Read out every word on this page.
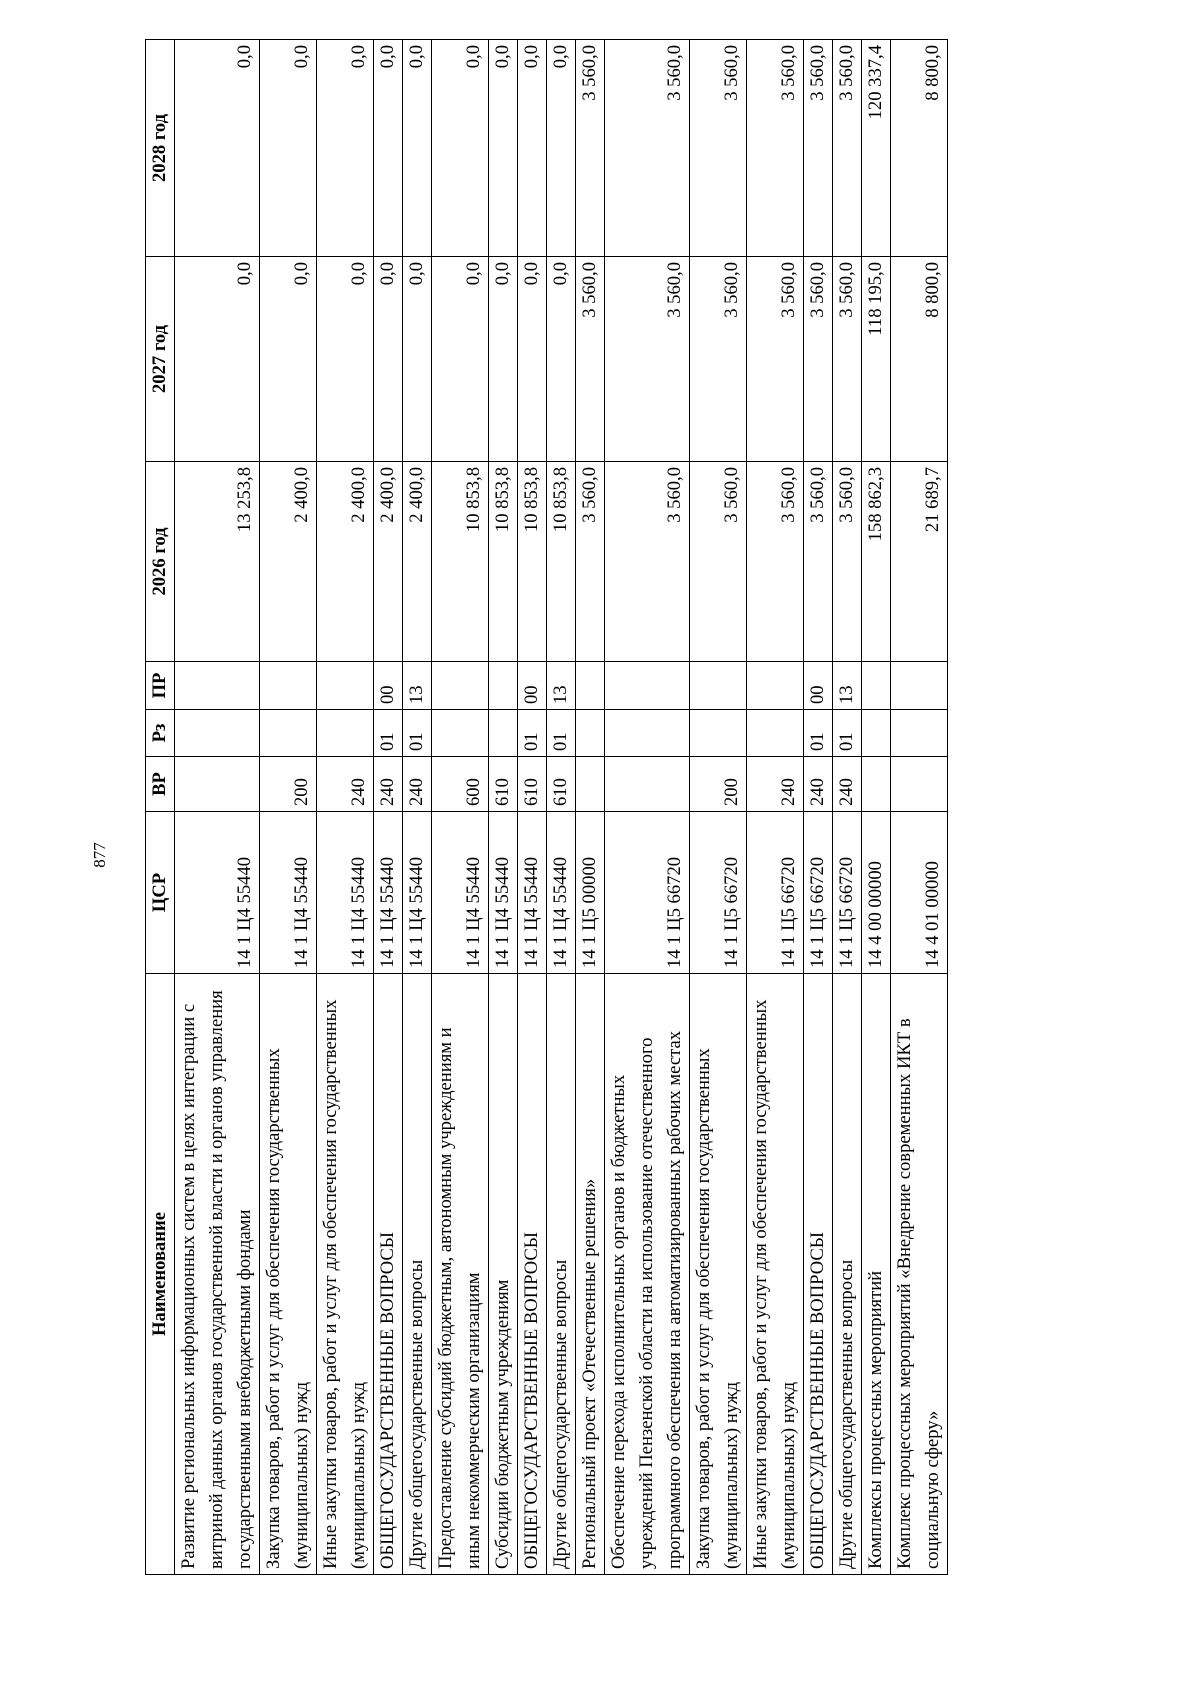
877
Наименование	ЦСР	ВР	Рз	ПР	2026 год	2027 год	2028 год
Развитие региональных информационных систем в целях интеграции с витриной данных органов государственной власти и органов управления государственными внебюджетными фондами	14 1 Ц4 55440				13 253,8	0,0	0,0
Закупка товаров, работ и услуг для обеспечения государственных (муниципальных) нужд	14 1 Ц4 55440	200			2 400,0	0,0	0,0
Иные закупки товаров, работ и услуг для обеспечения государственных (муниципальных) нужд	14 1 Ц4 55440	240			2 400,0	0,0	0,0
ОБЩЕГОСУДАРСТВЕННЫЕ ВОПРОСЫ	14 1 Ц4 55440	240	01	00	2 400,0	0,0	0,0
Другие общегосударственные вопросы	14 1 Ц4 55440	240	01	13	2 400,0	0,0	0,0
Предоставление субсидий бюджетным, автономным учреждениям и иным некоммерческим организациям	14 1 Ц4 55440	600			10 853,8	0,0	0,0
Субсидии бюджетным учреждениям	14 1 Ц4 55440	610			10 853,8	0,0	0,0
ОБЩЕГОСУДАРСТВЕННЫЕ ВОПРОСЫ	14 1 Ц4 55440	610	01	00	10 853,8	0,0	0,0
Другие общегосударственные вопросы	14 1 Ц4 55440	610	01	13	10 853,8	0,0	0,0
Региональный проект «Отечественные решения»	14 1 Ц5 00000				3 560,0	3 560,0	3 560,0
Обеспечение перехода исполнительных органов и бюджетных учреждений Пензенской области на использование отечественного программного обеспечения на автоматизированных рабочих местах	14 1 Ц5 66720				3 560,0	3 560,0	3 560,0
Закупка товаров, работ и услуг для обеспечения государственных (муниципальных) нужд	14 1 Ц5 66720	200			3 560,0	3 560,0	3 560,0
Иные закупки товаров, работ и услуг для обеспечения государственных (муниципальных) нужд	14 1 Ц5 66720	240			3 560,0	3 560,0	3 560,0
ОБЩЕГОСУДАРСТВЕННЫЕ ВОПРОСЫ	14 1 Ц5 66720	240	01	00	3 560,0	3 560,0	3 560,0
Другие общегосударственные вопросы	14 1 Ц5 66720	240	01	13	3 560,0	3 560,0	3 560,0
Комплексы процессных мероприятий	14 4 00 00000				158 862,3	118 195,0	120 337,4
Комплекс процессных мероприятий «Внедрение современных ИКТ в социальную сферу»	14 4 01 00000				21 689,7	8 800,0	8 800,0
